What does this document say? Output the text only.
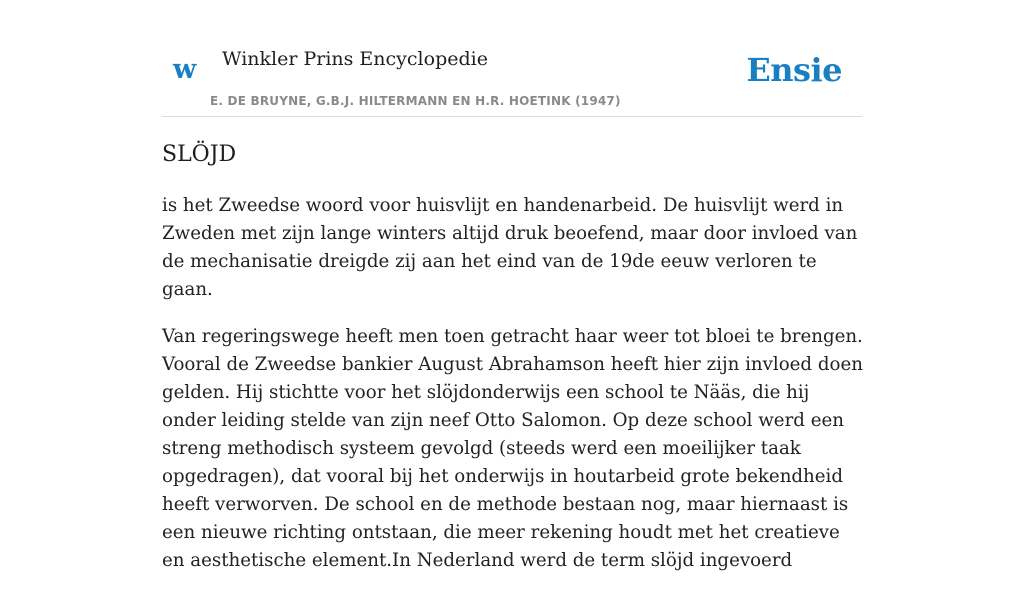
w Winkler Prins Encyclopedie
E. DE BRUYNE, G.B.J. HILTERMANN EN H.R. HOETINK (1947)
Ensie
SLÖJD

is het Zweedse woord voor huisvlijt en handenarbeid. De huisvlijt werd in Zweden met zijn lange winters altijd druk beoefend, maar door invloed van de mechanisatie dreigde zij aan het eind van de 19de eeuw verloren te gaan.

Van regeringswege heeft men toen getracht haar weer tot bloei te brengen. Vooral de Zweedse bankier August Abrahamson heeft hier zijn invloed doen gelden. Hij stichtte voor het slöjdonderwijs een school te Nääs, die hij onder leiding stelde van zijn neef Otto Salomon. Op deze school werd een streng methodisch systeem gevolgd (steeds werd een moeilijker taak opgedragen), dat vooral bij het onderwijs in houtarbeid grote bekendheid heeft verworven. De school en de methode bestaan nog, maar hiernaast is een nieuwe richting ontstaan, die meer rekening houdt met het creatieve en aesthetische element.In Nederland werd de term slöjd ingevoerd
